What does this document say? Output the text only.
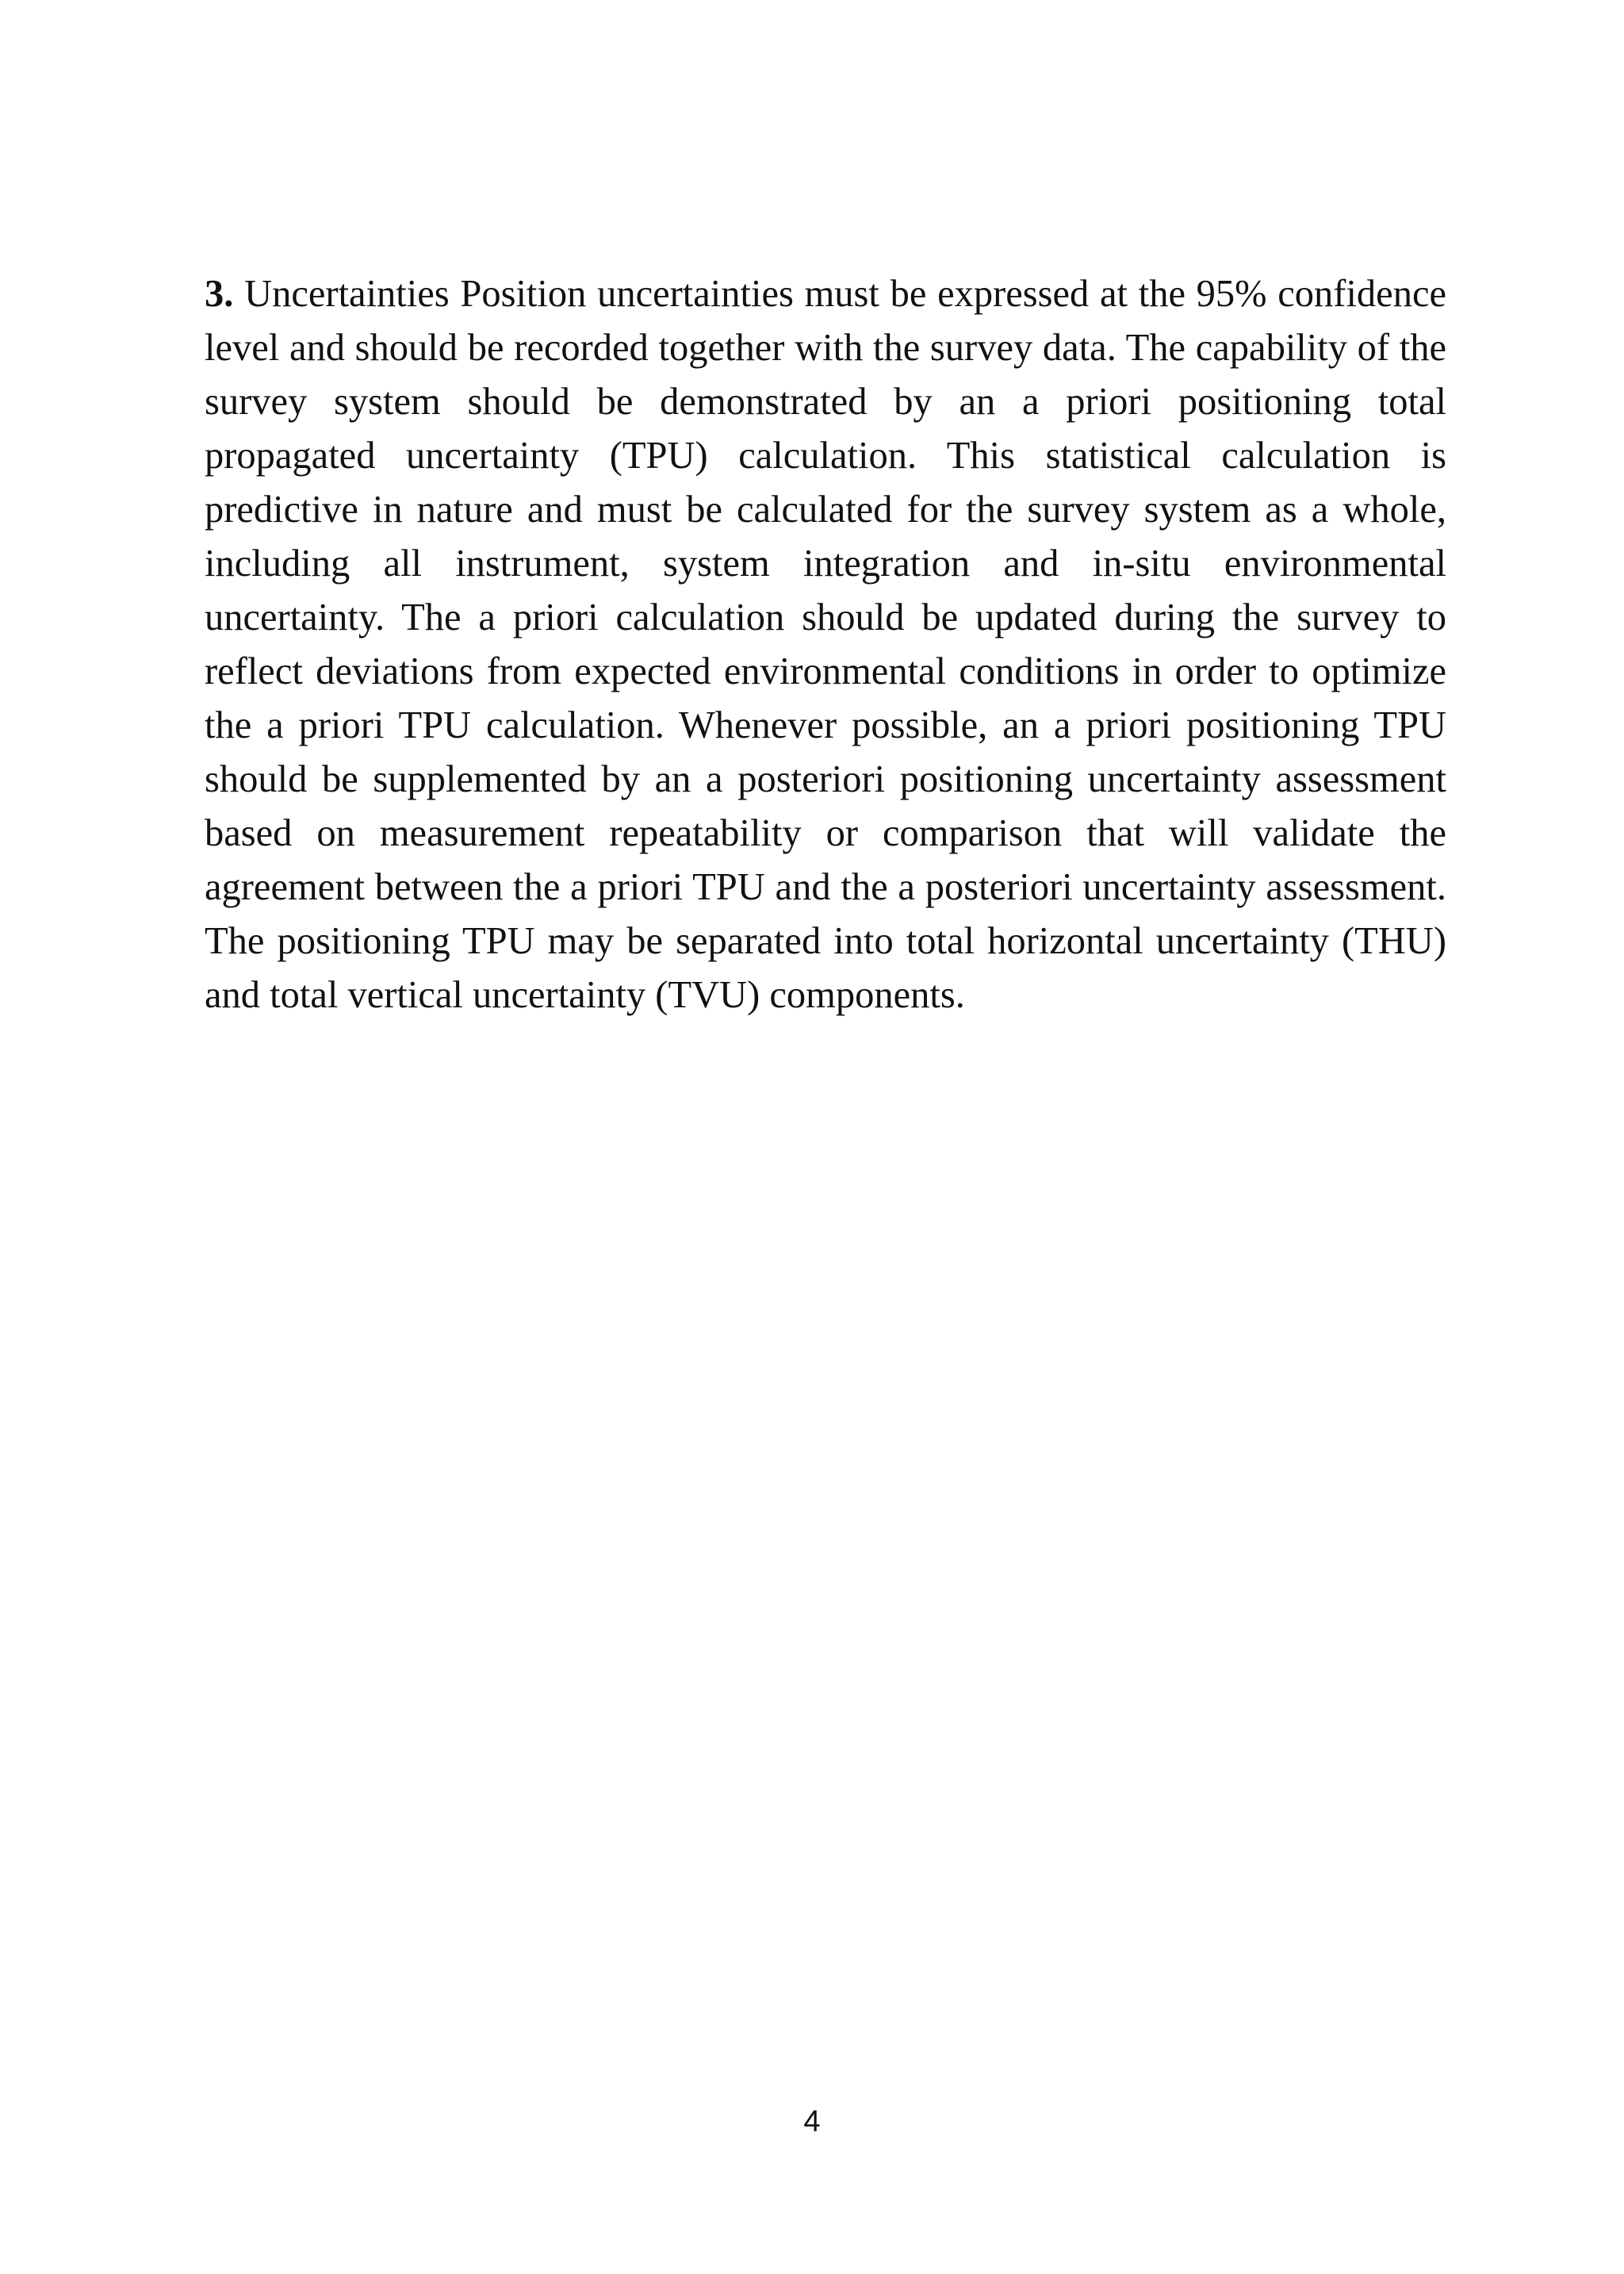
3. Uncertainties Position uncertainties must be expressed at the 95% confidence level and should be recorded together with the survey data. The capability of the survey system should be demonstrated by an a priori positioning total propagated uncertainty (TPU) calculation. This statistical calculation is predictive in nature and must be calculated for the survey system as a whole, including all instrument, system integration and in-situ environmental uncertainty. The a priori calculation should be updated during the survey to reflect deviations from expected environmental conditions in order to optimize the a priori TPU calculation. Whenever possible, an a priori positioning TPU should be supplemented by an a posteriori positioning uncertainty assessment based on measurement repeatability or comparison that will validate the agreement between the a priori TPU and the a posteriori uncertainty assessment. The positioning TPU may be separated into total horizontal uncertainty (THU) and total vertical uncertainty (TVU) components.

4
